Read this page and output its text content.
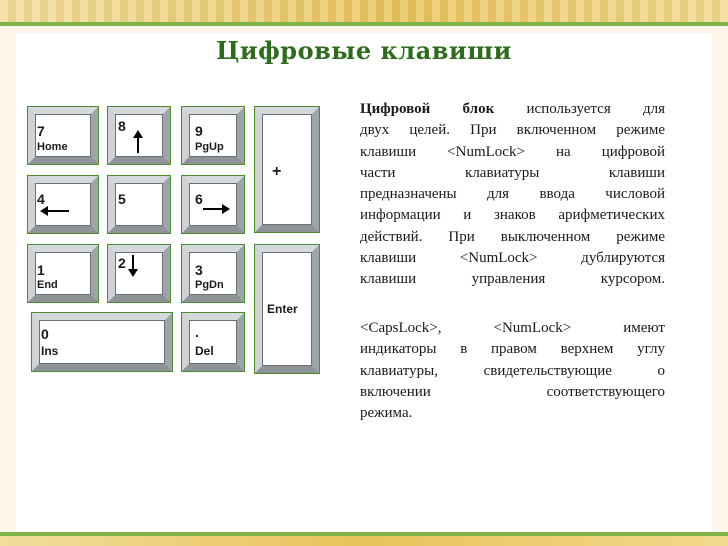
Цифровые клавиши
7
Home
8	9
PgUp
+
4	5	6
1
End
2	3
PgDn
Enter
0
Ins
.
Del
Цифровой блок используется для
двух целей. При включенном режиме
клавиши <NumLock> на цифровой
части клавиатуры клавиши
предназначены для ввода числовой
информации и знаков арифметических
действий. При выключенном режиме
клавиши <NumLock> дублируются
клавиши управления курсором.
<CapsLock>, <NumLock> имеют
индикаторы в правом верхнем углу
клавиатуры, свидетельствующие о
включении соответствующего
режима.
